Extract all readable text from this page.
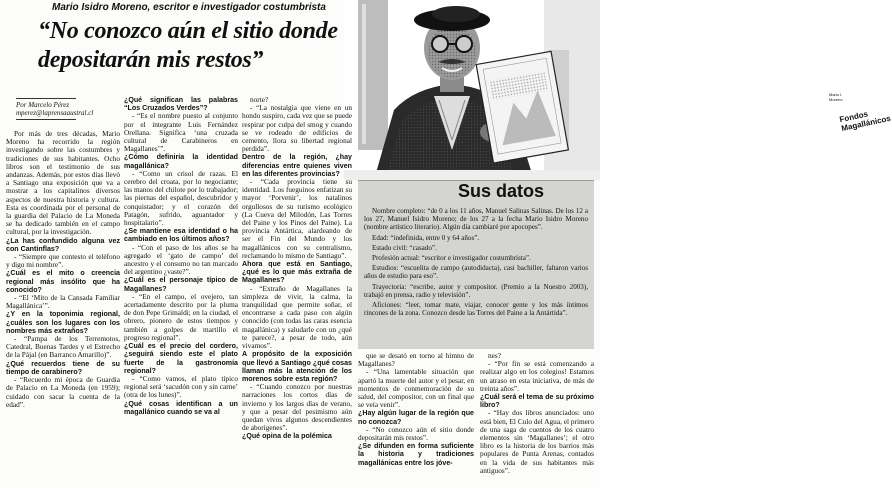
Mario Isidro Moreno, escritor e investigador costumbrista
“No conozco aún el sitio donde depositarán mis restos”
Mario I. Moreno
Fondos Magallánicos
Por Marcelo Pérez
mperez@laprensaaustral.cl

Por más de tres décadas, Mario Moreno ha recorrido la región investigando sobre las costumbres y tradiciones de sus habitantes. Ocho libros son el testimonio de sus andanzas. Además, por estos días llevó a Santiago una exposición que va a mostrar a los capitalinos diversos aspectos de nuestra historia y cultura. Esta es coordinada por el personal de la guardia del Palacio de La Moneda se ha dedicado también en el campo cultural, por la investigación.

¿La has confundido alguna vez con Cantinflas?

- “Siempre que contesto el teléfono y digo mi nombre”.

¿Cuál es el mito o creencia regional más insólito que ha conocido?

- “El ‘Mito de la Cansada Familiar Magallánica’”.

¿Y en la toponimia regional, ¿cuáles son los lugares con los nombres más extraños?

- “Pampa de los Terremotos, Catedral, Buenas Tardes y el Estrecho de la Pájal (en Barranco Amarillo)”.

¿Qué recuerdos tiene de su tiempo de carabinero?

- “Recuerdo mi época de Guardia de Palacio en La Moneda (en 1959); cuidado con sacar la cuenta de la edad”.

¿Qué significan las palabras “Los Cruzados Verdes”?

- “Es el nombre puesto al conjunto por el integrante Luis Fernández Orellana. Significa ‘una cruzada cultural de Carabineros en Magallanes’”.

¿Cómo definiría la identidad magallánica?

- “Como un crisol de razas. El cerebro del croata, por lo negociante; las manos del chilote por lo trabajador; las piernas del español, descubridor y conquistador; y el corazón del Patagón, sufrido, aguantador y hospitalario”.

¿Se mantiene esa identidad o ha cambiado en los últimos años?

- “Con el paso de los años se ha agregado el ‘gato de campo’ del ancestro y el consumo no tan marcado del argentino ¿vaste?”.

¿Cuál es el personaje típico de Magallanes?

- “En el campo, el ovejero, tan acertadamente descrito por la pluma de don Pepe Grimaldi; en la ciudad, el obrero, pionero de estos tiempos y también a golpes de martillo el progreso regional”.

¿Cuál es el precio del cordero, ¿seguirá siendo este el plato fuerte de la gastronomía regional?

- “Como vamos, el plato típico regional será ‘sacudón con y sin carne’ (otra de los lunes)”.

¿Qué cosas identifican a un magallánico cuando se va al

norte?

- “La nostalgia que viene en un hondo suspiro, cada vez que se puede respirar por culpa del smog y cuando se ve rodeado de edificios de cemento, llora su libertad regional perdida”.

Dentro de la región, ¿hay diferencias entre quienes viven en las diferentes provincias?

- “Cada provincia tiene su identidad. Los fueguinos enfatizan su mayor ‘Porvenir’, los natalinos orgullosos de su turismo ecológico (La Cueva del Milodón, Las Torres del Paine y los Pinos del Paine). La provincia Antártica, alardeando de ser el Fin del Mundo y los magallánicos con su centralismo, reclamando lo mismo de Santiago”.

Ahora que está en Santiago, ¿qué es lo que más extraña de Magallanes?

- “Extraño de Magallanes la simpleza de vivir, la calma, la tranquilidad que permite soñar, el encontrarse a cada paso con algún conocido (con todas las caras esencia magallánica) y saludarle con un ¿qué te parece?, a pesar de todo, aún vivamos”.

A propósito de la exposición que llevó a Santiago ¿qué cosas llaman más la atención de los morenos sobre esta región?

- “Cuando conozco por nuestras narraciones los cortos días de invierno y los largos días de verano, y que a pesar del pesimismo aún quedan vivos algunos descendientes de aborígenes”.

¿Qué opina de la polémica

Sus datos

Nombre completo: “de 0 a los 11 años, Manuel Salinas Salinas. De los 12 a los 27, Manuel Isidro Moreno; de los 27 a la fecha Mario Isidro Moreno (nombre artístico literario). Algún día cambiaré por apocopes”.

Edad: “indefinida, entre 0 y 64 años”.

Estado civil: “casado”.

Profesión actual: “escritor e investigador costumbrista”.

Estudios: “escuelita de campo (autodidacta), casi bachiller, faltaron varios años de estudio para eso”.

Trayectoria: “escribe, autor y compositor. (Premio a la Nuestro 2003), trabajó en prensa, radio y televisión”.

Aficiones: “leer, tomar mate, viajar, conocer gente y los más íntimos rincones de la zona. Conozco desde las Torres del Paine a la Antártida”.

que se desató en torno al himno de Magallanes?

- “Una lamentable situación que apartó la muerte del autor y el pesar, en momentos de conmemoración de su salud, del compositor, con un final que se veía venir”.

¿Hay algún lugar de la región que no conozca?

- “No conozco aún el sitio donde depositarán mis restos”.

¿Se difunden en forma suficiente la historia y tradiciones magallánicas entre los jóve-

nes?

- “Por fin se está comenzando a realizar algo en los colegios! Estamos un atraso en esta iniciativa, de más de treinta años”.

¿Cuál será el tema de su próximo libro?

- “Hay dos libros anunciados: uno está bien, El Culo del Agua, el primero de una saga de cuentos de los cuatro elementos sin ‘Magallanes’; el otro libro es la historia de los barrios más populares de Punta Arenas, contados en la vida de sus habitantes más antiguos”.
